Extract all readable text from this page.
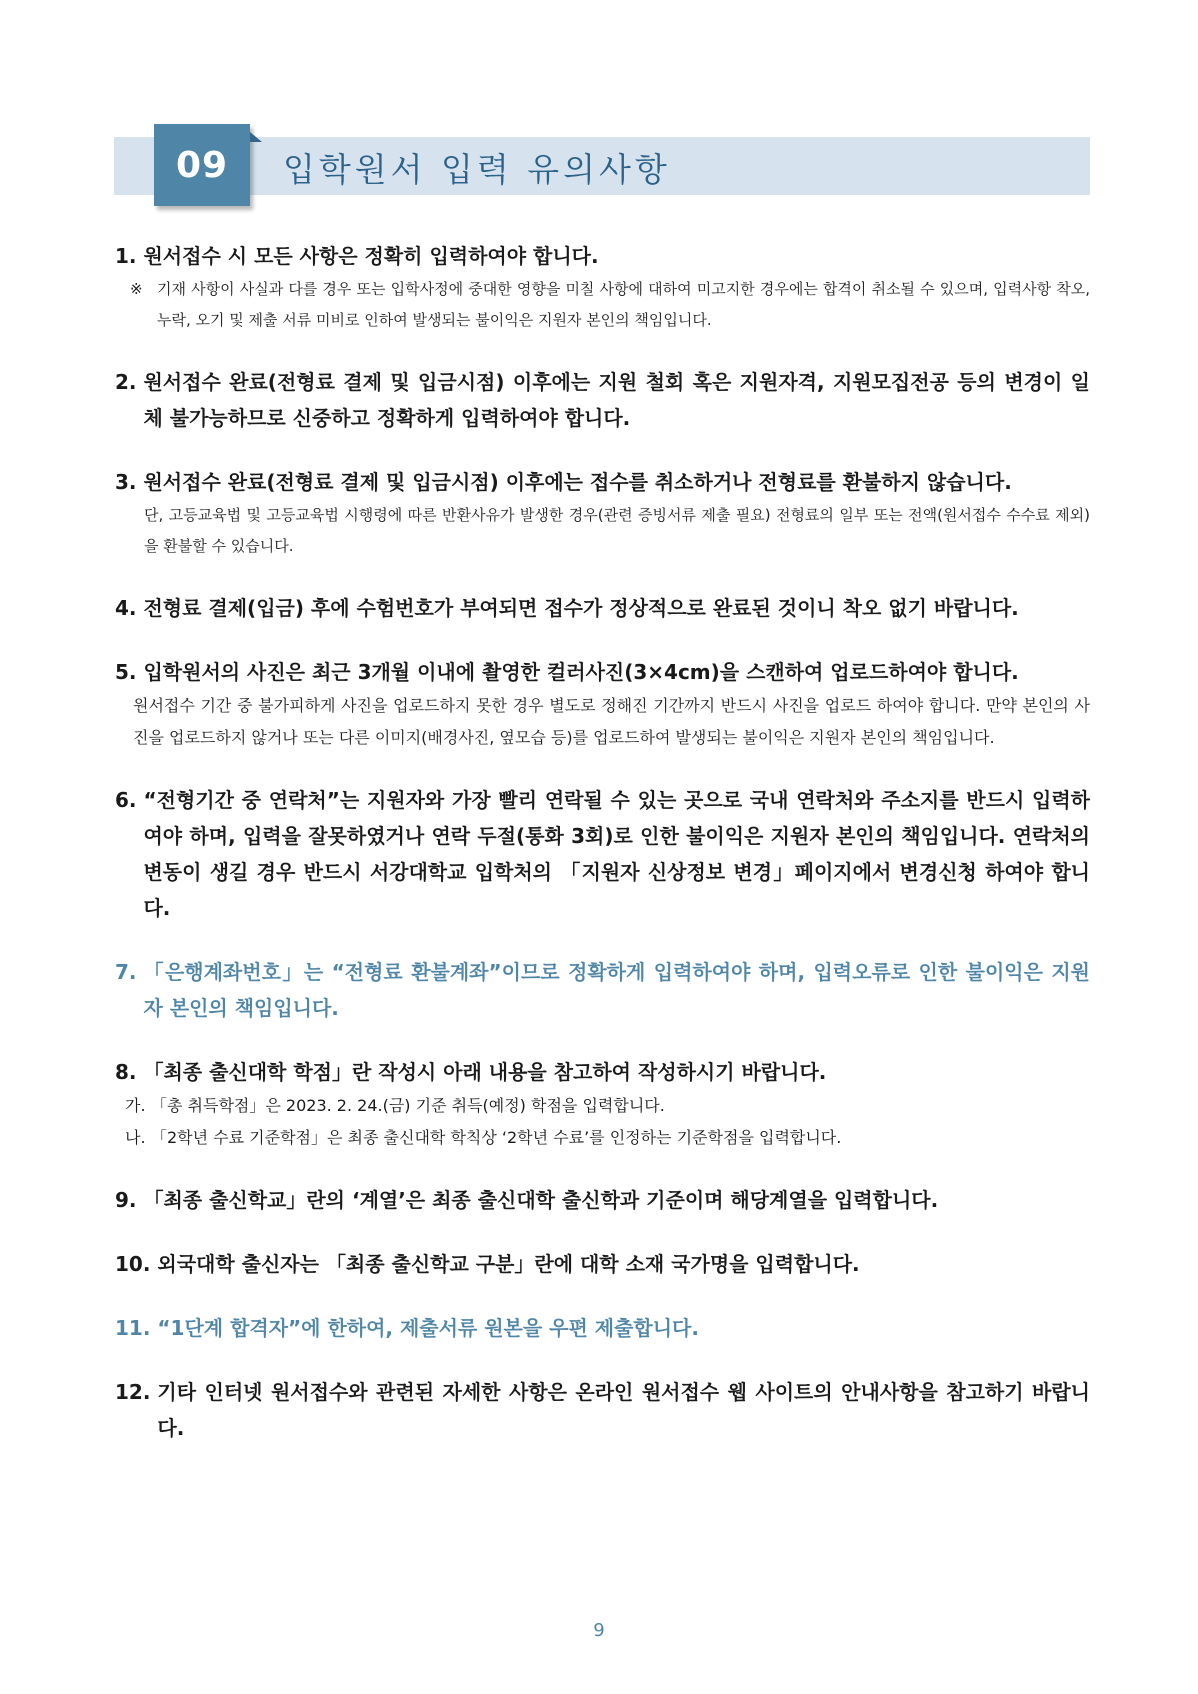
09	입학원서 입력 유의사항
1. 원서접수 시 모든 사항은 정확히 입력하여야 합니다.
※ 기재 사항이 사실과 다를 경우 또는 입학사정에 중대한 영향을 미칠 사항에 대하여 미고지한 경우에는 합격이 취소될 수 있으며, 입력사항 착오, 누락, 오기 및 제출 서류 미비로 인하여 발생되는 불이익은 지원자 본인의 책임입니다.
2. 원서접수 완료(전형료 결제 및 입금시점) 이후에는 지원 철회 혹은 지원자격, 지원모집전공 등의 변경이 일체 불가능하므로 신중하고 정확하게 입력하여야 합니다.
3. 원서접수 완료(전형료 결제 및 입금시점) 이후에는 접수를 취소하거나 전형료를 환불하지 않습니다.
단, 고등교육법 및 고등교육법 시행령에 따른 반환사유가 발생한 경우(관련 증빙서류 제출 필요) 전형료의 일부 또는 전액(원서접수 수수료 제외)을 환불할 수 있습니다.
4. 전형료 결제(입금) 후에 수험번호가 부여되면 접수가 정상적으로 완료된 것이니 착오 없기 바랍니다.
5. 입학원서의 사진은 최근 3개월 이내에 촬영한 컬러사진(3×4cm)을 스캔하여 업로드하여야 합니다.
원서접수 기간 중 불가피하게 사진을 업로드하지 못한 경우 별도로 정해진 기간까지 반드시 사진을 업로드 하여야 합니다. 만약 본인의 사진을 업로드하지 않거나 또는 다른 이미지(배경사진, 옆모습 등)를 업로드하여 발생되는 불이익은 지원자 본인의 책임입니다.
6. “전형기간 중 연락처”는 지원자와 가장 빨리 연락될 수 있는 곳으로 국내 연락처와 주소지를 반드시 입력하여야 하며, 입력을 잘못하였거나 연락 두절(통화 3회)로 인한 불이익은 지원자 본인의 책임입니다. 연락처의 변동이 생길 경우 반드시 서강대학교 입학처의 「지원자 신상정보 변경」페이지에서 변경신청 하여야 합니다.
7. 「은행계좌번호」는 “전형료 환불계좌”이므로 정확하게 입력하여야 하며, 입력오류로 인한 불이익은 지원자 본인의 책임입니다.
8. 「최종 출신대학 학점」란 작성시 아래 내용을 참고하여 작성하시기 바랍니다.
가. 「총 취득학점」은 2023. 2. 24.(금) 기준 취득(예정) 학점을 입력합니다.
나. 「2학년 수료 기준학점」은 최종 출신대학 학칙상 ‘2학년 수료’를 인정하는 기준학점을 입력합니다.
9. 「최종 출신학교」란의 ‘계열’은 최종 출신대학 출신학과 기준이며 해당계열을 입력합니다.
10. 외국대학 출신자는 「최종 출신학교 구분」란에 대학 소재 국가명을 입력합니다.
11. “1단계 합격자”에 한하여, 제출서류 원본을 우편 제출합니다.
12. 기타 인터넷 원서접수와 관련된 자세한 사항은 온라인 원서접수 웹 사이트의 안내사항을 참고하기 바랍니다.
9
